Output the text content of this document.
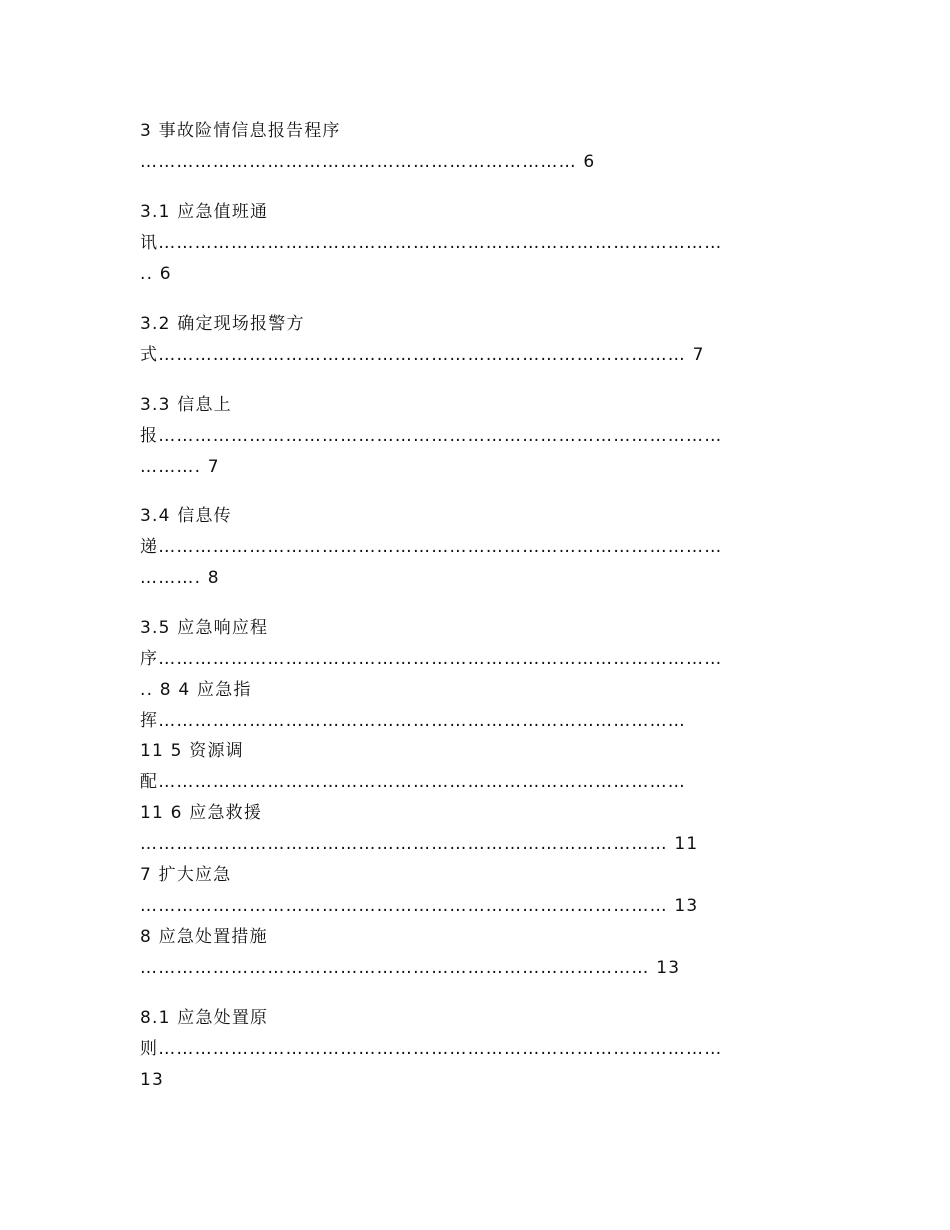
3 事故险情信息报告程序
……………………………………………………………… 6
3.1 应急值班通
讯…………………………………………………………………………………
.. 6
3.2 确定现场报警方
式…………………………………………………………………………… 7
3.3 信息上
报…………………………………………………………………………………
………. 7
3.4 信息传
递…………………………………………………………………………………
………. 8
3.5 应急响应程
序…………………………………………………………………………………
.. 8 4 应急指
挥……………………………………………………………………………
11 5 资源调
配……………………………………………………………………………
11 6 应急救援
…………………………………………………………………………… 11
7 扩大应急
…………………………………………………………………………… 13
8 应急处置措施
………………………………………………………………………… 13
8.1 应急处置原
则…………………………………………………………………………………
13
